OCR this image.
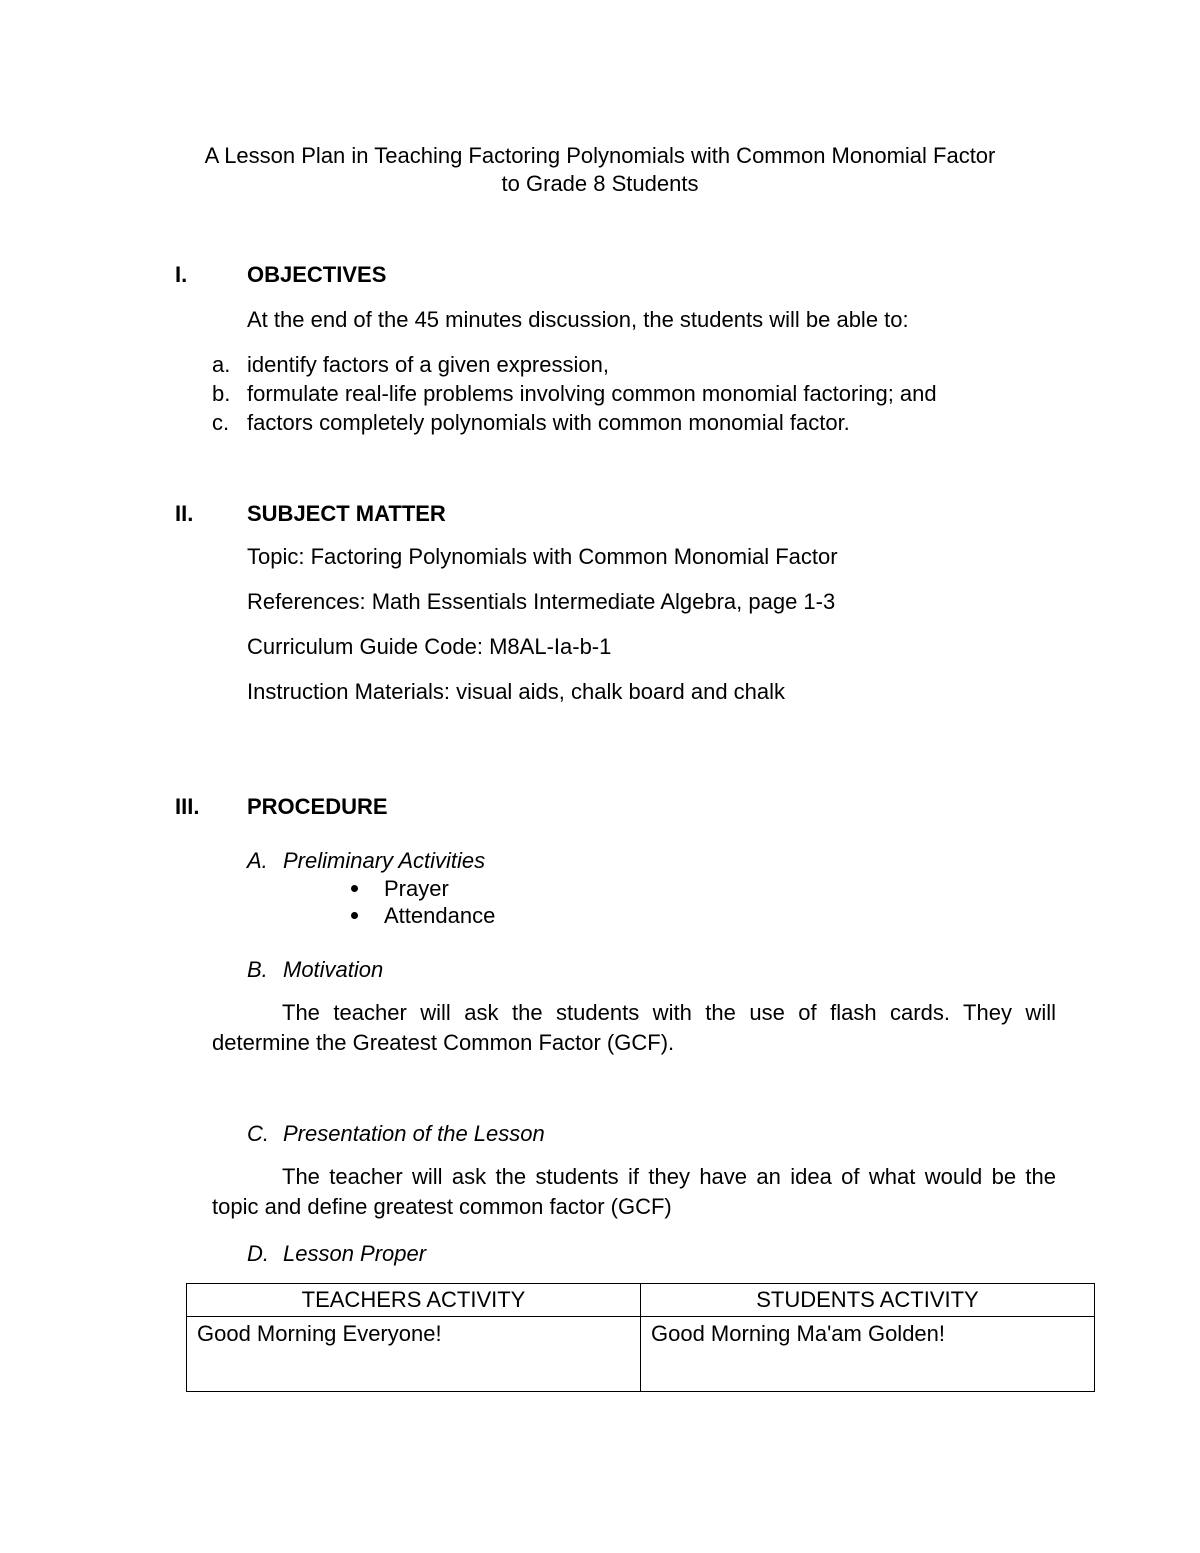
A Lesson Plan in Teaching Factoring Polynomials with Common Monomial Factor
to Grade 8 Students
I.	OBJECTIVES
At the end of the 45 minutes discussion, the students will be able to:
a. identify factors of a given expression,
b. formulate real-life problems involving common monomial factoring; and
c. factors completely polynomials with common monomial factor.
II. SUBJECT MATTER
Topic: Factoring Polynomials with Common Monomial Factor
References: Math Essentials Intermediate Algebra, page 1-3
Curriculum Guide Code: M8AL-Ia-b-1
Instruction Materials: visual aids, chalk board and chalk
III. PROCEDURE
A. Preliminary Activities
Prayer
Attendance
B. Motivation
The teacher will ask the students with the use of flash cards. They will determine the Greatest Common Factor (GCF).
C. Presentation of the Lesson
The teacher will ask the students if they have an idea of what would be the topic and define greatest common factor (GCF)
D. Lesson Proper
TEACHERS ACTIVITY	STUDENTS ACTIVITY
Good Morning Everyone!	Good Morning Ma'am Golden!
